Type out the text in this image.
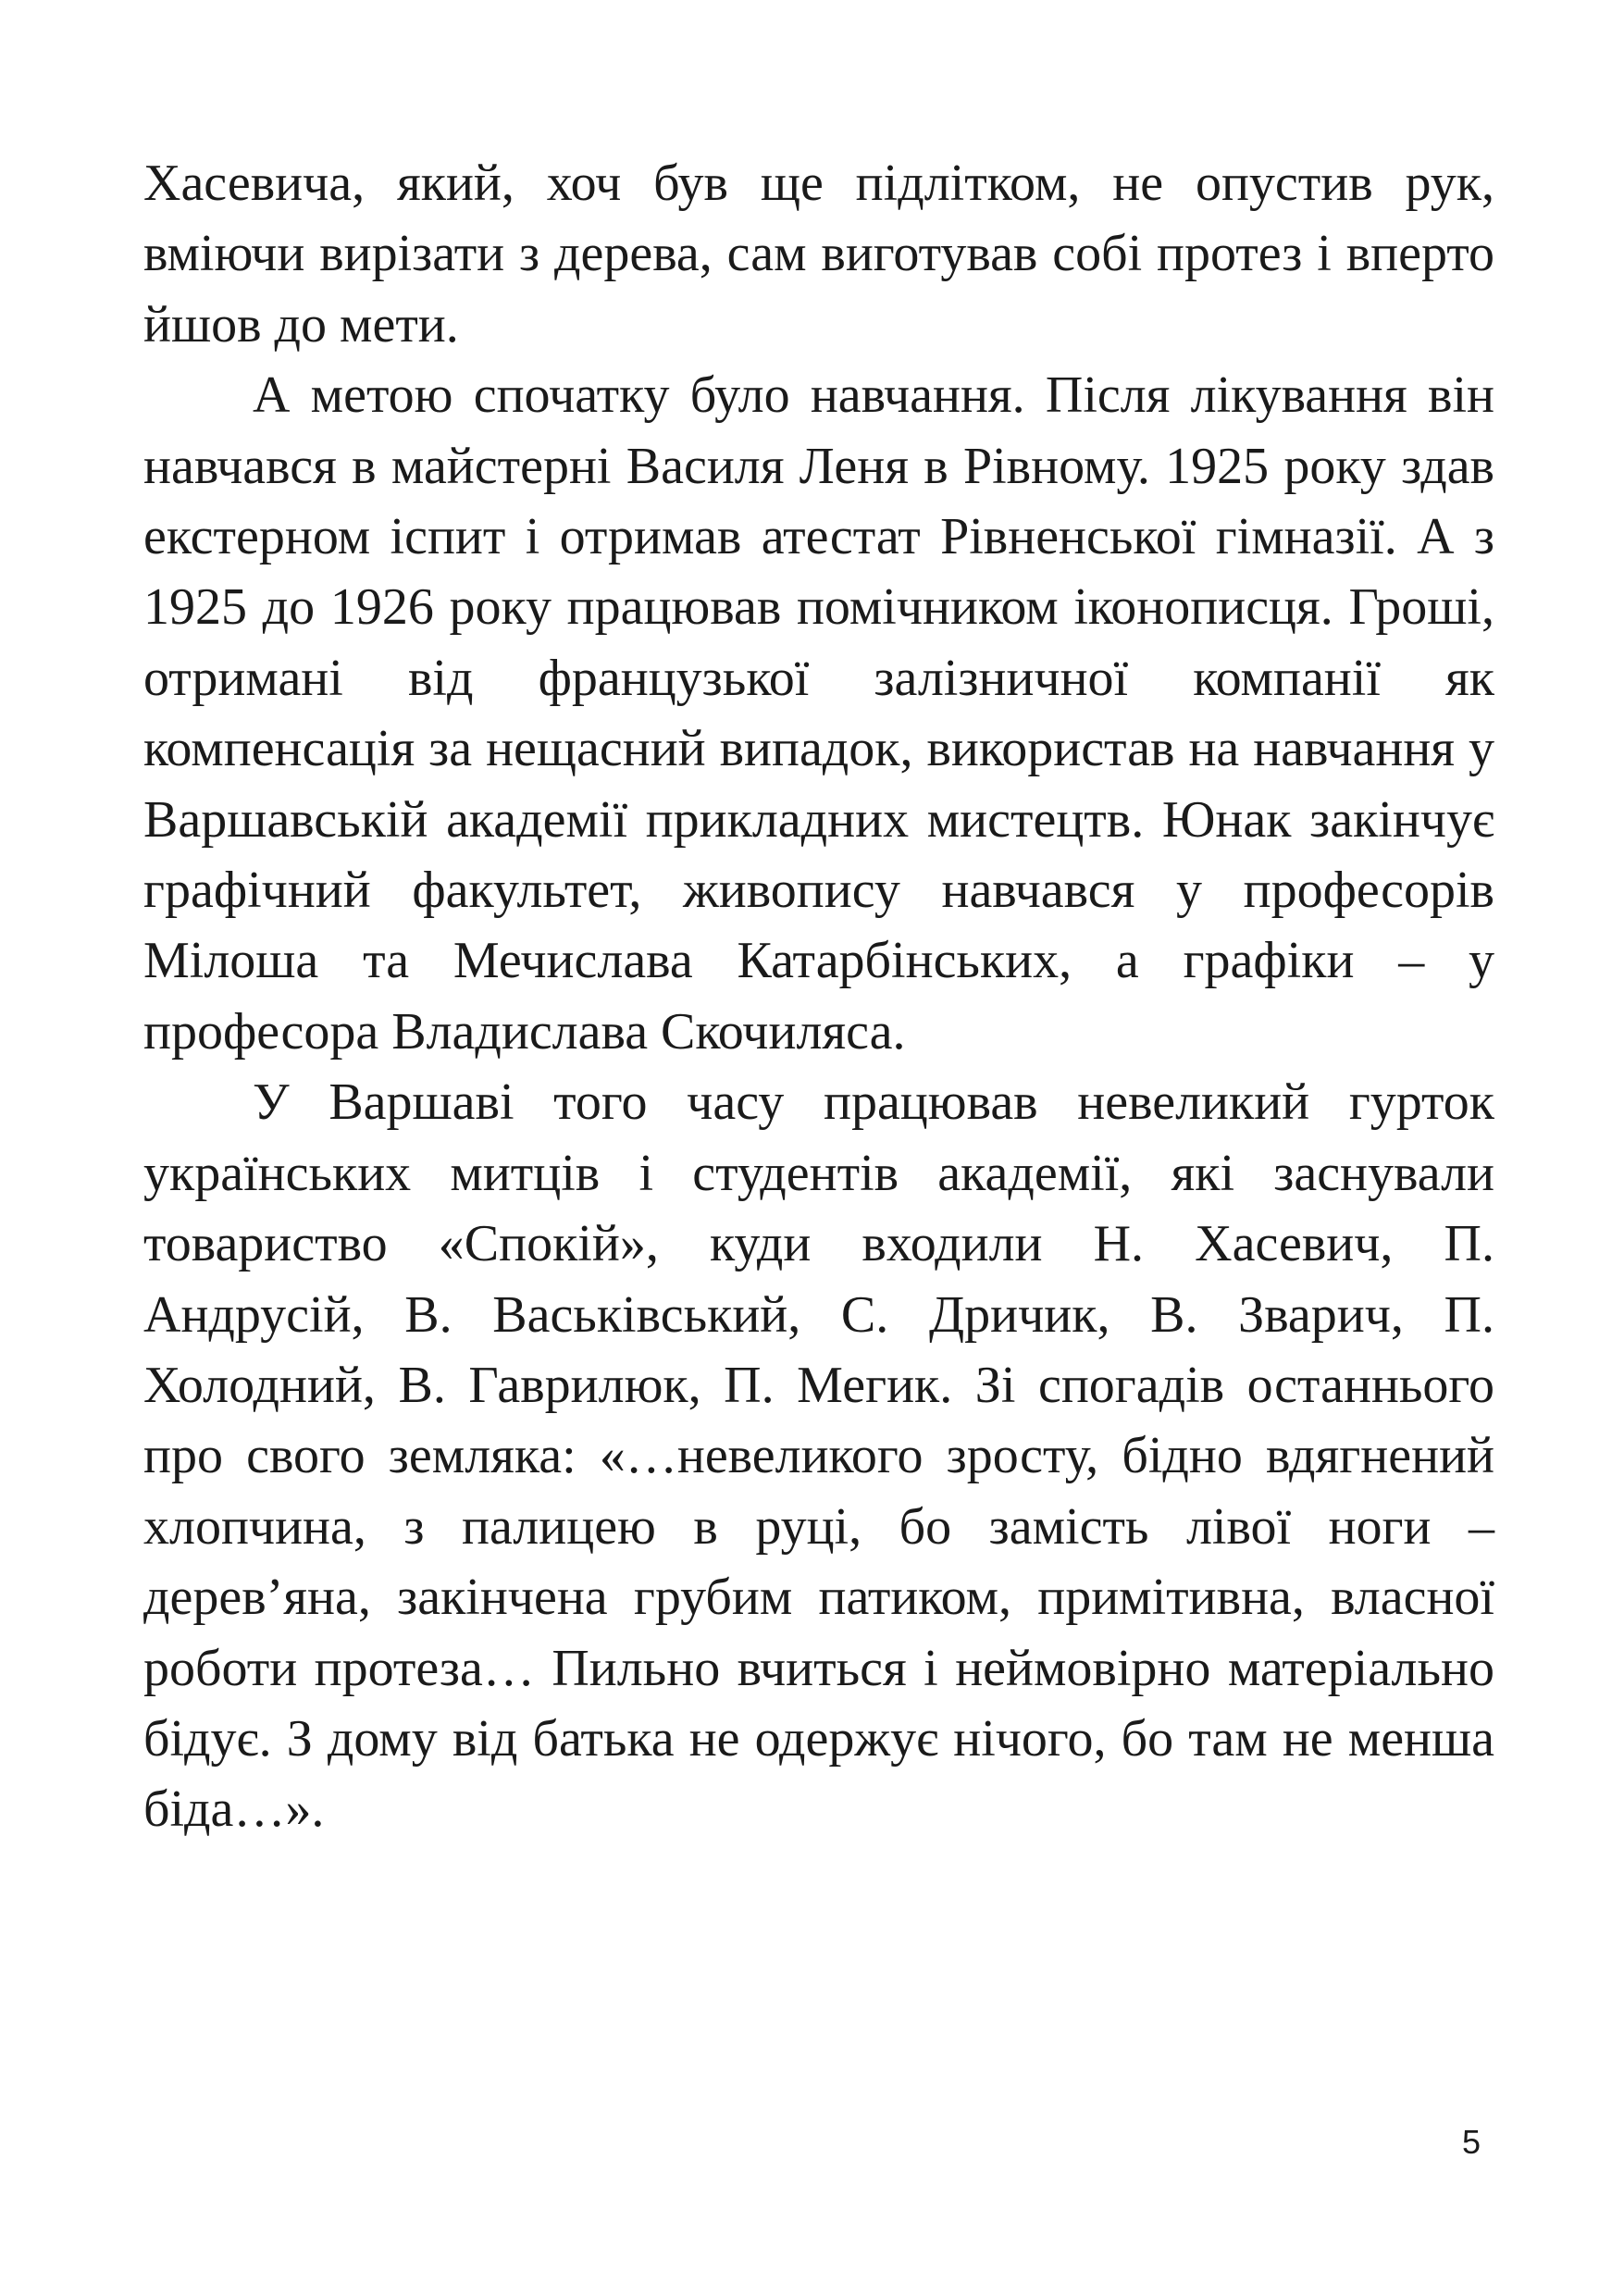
Хасевича, який, хоч був ще підлітком, не опустив рук, вміючи вирізати з дерева, сам виготував собі протез і вперто йшов до мети.

А метою спочатку було навчання. Після лікування він навчався в майстерні Василя Леня в Рівному. 1925 року здав екстерном іспит і отримав атестат Рівненської гімназії. А з 1925 до 1926 року працював помічником іконописця. Гроші, отримані від французької залізничної компанії як компенсація за нещасний випадок, використав на навчання у Варшавській академії прикладних мистецтв. Юнак закінчує графічний факультет, живопису навчався у професорів Мілоша та Мечислава Катарбінських, а графіки – у професора Владислава Скочиляса.

У Варшаві того часу працював невеликий гурток українських митців і студентів академії, які заснували товариство «Спокій», куди входили Н. Хасевич, П. Андрусій, В. Васьківський, С. Дричик, В. Зварич, П. Холодний, В. Гаврилюк, П. Мегик. Зі спогадів останнього про свого земляка: «…невеликого зросту, бідно вдягнений хлопчина, з палицею в руці, бо замість лівої ноги – дерев’яна, закінчена грубим патиком, примітивна, власної роботи протеза… Пильно вчиться і неймовірно матеріально бідує. З дому від батька не одержує нічого, бо там не менша біда…».

5
